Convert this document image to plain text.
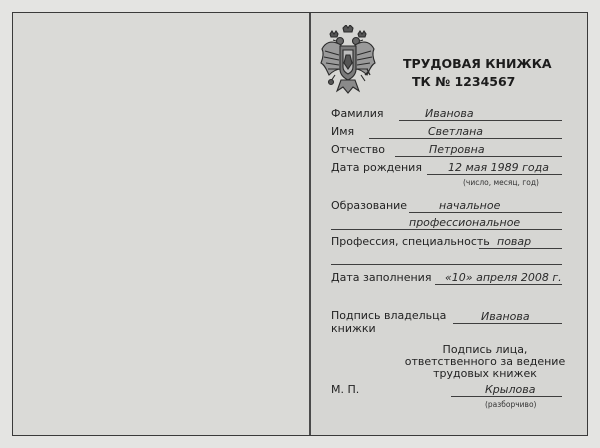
ТРУДОВАЯ КНИЖКА
ТК № 1234567
Фамилия	Иванова
Имя	Светлана
Отчество	Петровна
Дата рождения 12 мая 1989 года
(число, месяц, год)
Образование	начальное
профессиональное
Профессия, специальность повар
Дата заполнения «10» апреля 2008 г.
Подпись владельца
книжки
Иванова
Подпись лица,
ответственного за ведение
трудовых книжек
М. П.	Крылова
(разборчиво)
